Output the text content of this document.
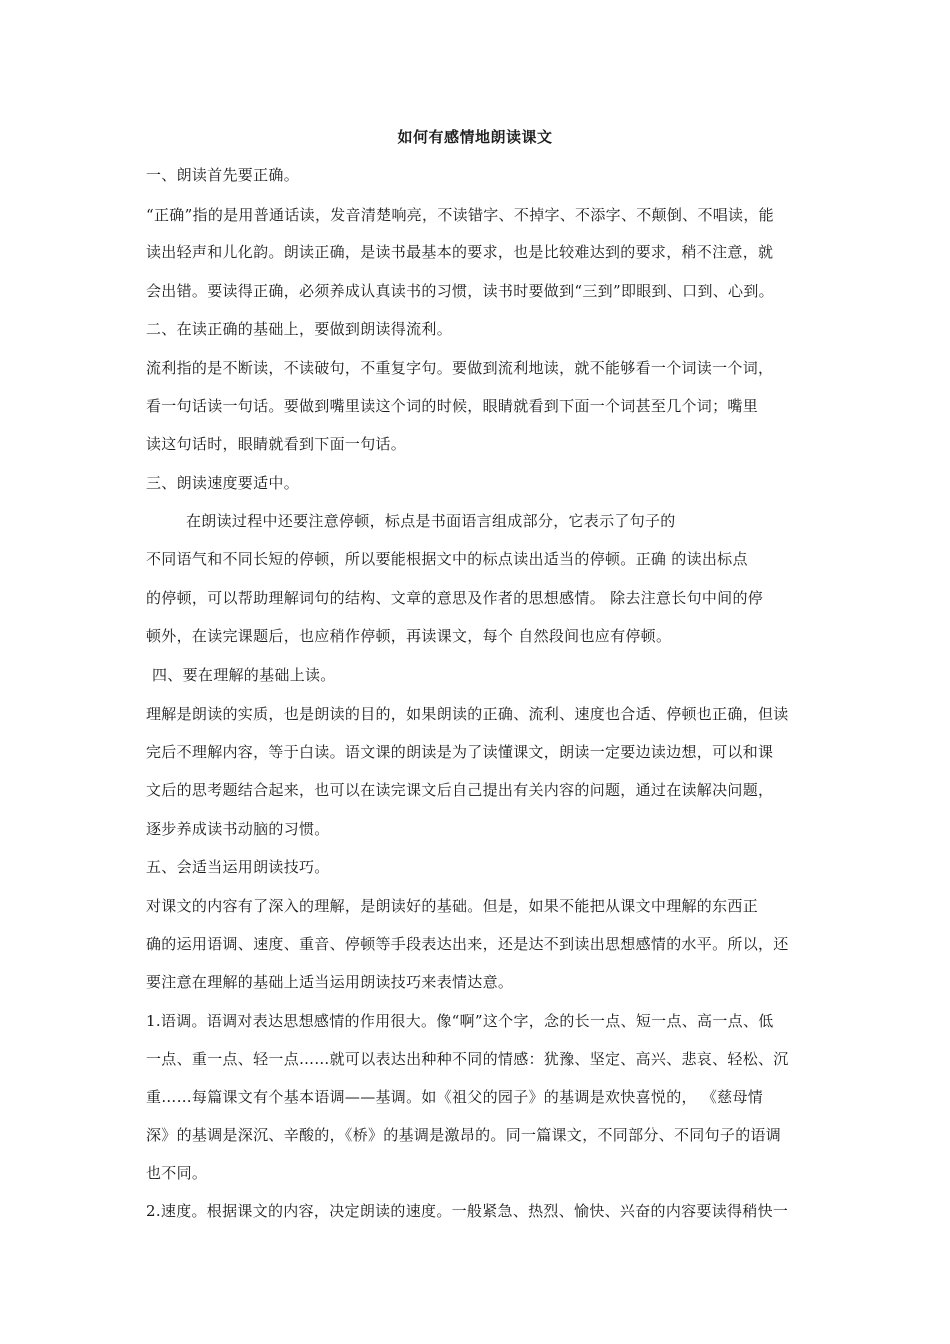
如何有感情地朗读课文
一、朗读首先要正确。
“正确”指的是用普通话读，发音清楚响亮，不读错字、不掉字、不添字、不颠倒、不唱读，能
读出轻声和儿化韵。朗读正确，是读书最基本的要求，也是比较难达到的要求，稍不注意，就
会出错。要读得正确，必须养成认真读书的习惯，读书时要做到“三到”即眼到、口到、心到。
二、在读正确的基础上，要做到朗读得流利。
流利指的是不断读，不读破句，不重复字句。要做到流利地读，就不能够看一个词读一个词，
看一句话读一句话。要做到嘴里读这个词的时候，眼睛就看到下面一个词甚至几个词；嘴里
读这句话时，眼睛就看到下面一句话。
三、朗读速度要适中。
在朗读过程中还要注意停顿，标点是书面语言组成部分，它表示了句子的
不同语气和不同长短的停顿，所以要能根据文中的标点读出适当的停顿。正确 的读出标点
的停顿，可以帮助理解词句的结构、文章的意思及作者的思想感情。 除去注意长句中间的停
顿外，在读完课题后，也应稍作停顿，再读课文，每个 自然段间也应有停顿。
四、要在理解的基础上读。
理解是朗读的实质，也是朗读的目的，如果朗读的正确、流利、速度也合适、停顿也正确，但读
完后不理解内容，等于白读。语文课的朗读是为了读懂课文，朗读一定要边读边想，可以和课
文后的思考题结合起来，也可以在读完课文后自己提出有关内容的问题，通过在读解决问题，
逐步养成读书动脑的习惯。
五、会适当运用朗读技巧。
对课文的内容有了深入的理解，是朗读好的基础。但是，如果不能把从课文中理解的东西正
确的运用语调、速度、重音、停顿等手段表达出来，还是达不到读出思想感情的水平。所以，还
要注意在理解的基础上适当运用朗读技巧来表情达意。
1.语调。语调对表达思想感情的作用很大。像“啊”这个字，念的长一点、短一点、高一点、低
一点、重一点、轻一点……就可以表达出种种不同的情感：犹豫、坚定、高兴、悲哀、轻松、沉
重……每篇课文有个基本语调——基调。如《祖父的园子》的基调是欢快喜悦的， 《慈母情
深》的基调是深沉、辛酸的，《桥》的基调是激昂的。同一篇课文，不同部分、不同句子的语调
也不同。
2.速度。根据课文的内容，决定朗读的速度。一般紧急、热烈、愉快、兴奋的内容要读得稍快一
